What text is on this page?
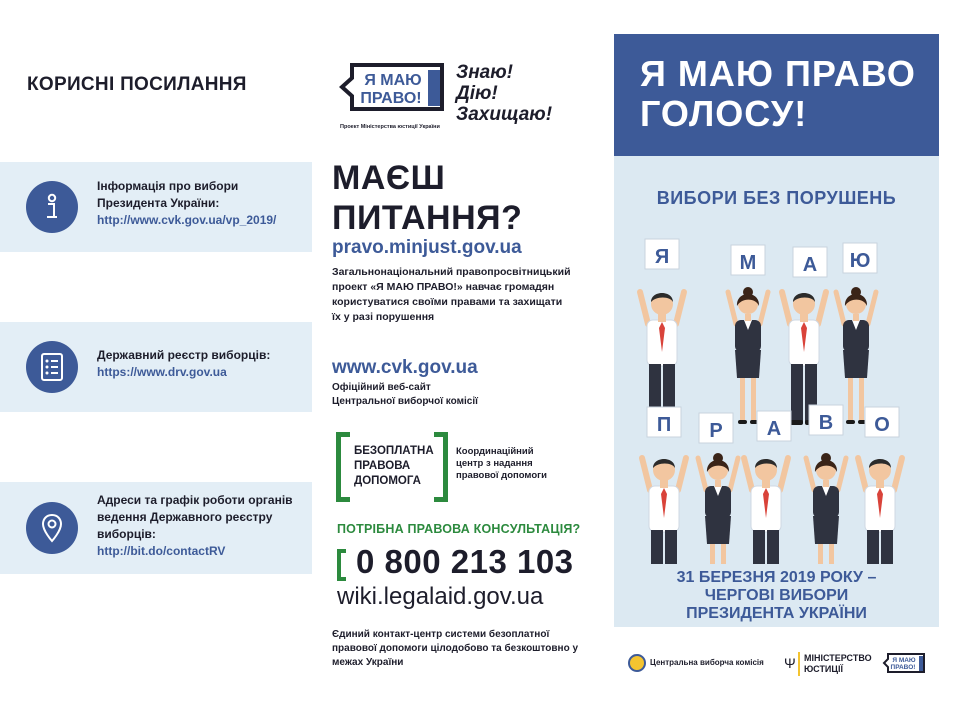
КОРИСНІ ПОСИЛАННЯ
Інформація про вибори
Президента України:
http://www.cvk.gov.ua/vp_2019/
Державний реєстр виборців:
https://www.drv.gov.ua
Адреси та графік роботи органів
ведення Державного реєстру
виборців:
http://bit.do/contactRV
Я МАЮ
ПРАВО!
Проект Міністерства юстиції України
Знаю!
Дію!
Захищаю!
МАЄШ
ПИТАННЯ?
pravo.minjust.gov.ua
Загальнонаціональний правопросвітницький проект «Я МАЮ ПРАВО!» навчає громадян користуватися своїми правами та захищати їх у разі порушення
www.cvk.gov.ua
Офіційний веб-сайт
Центральної виборчої комісії
БЕЗОПЛАТНА
ПРАВОВА
ДОПОМОГА
Координаційний
центр з надання
правової допомоги
ПОТРІБНА ПРАВОВА КОНСУЛЬТАЦІЯ?
0 800 213 103
wiki.legalaid.gov.ua
Єдиний контакт-центр системи безоплатної правової допомоги цілодобово та безкоштовно у межах України
Я МАЮ ПРАВО
ГОЛОСУ!
ВИБОРИ БЕЗ ПОРУШЕНЬ
Я	М А Ю
П Р А В О
31 БЕРЕЗНЯ 2019 РОКУ –
ЧЕРГОВІ ВИБОРИ
ПРЕЗИДЕНТА УКРАЇНИ
Центральна виборча комісія Ψ МІНІСТЕРСТВО
ЮСТИЦІЇ
Я МАЮ
ПРАВО!
